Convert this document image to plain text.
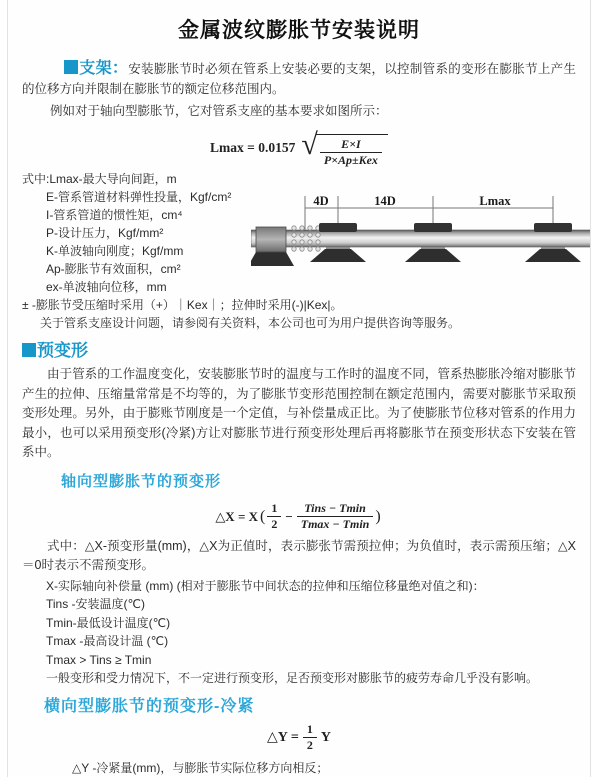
金属波纹膨胀节安装说明

支架：安装膨胀节时必须在管系上安装必要的支架，以控制管系的变形在膨胀节上产生的位移方向并限制在膨胀节的额定位移范围内。

例如对于轴向型膨胀节，它对管系支座的基本要求如图所示：

Lmax = 0.0157 √ $\frac{E\times I}{\text{P×Ap±Kex}}$
式中:Lmax-最大导向间距，m
E-管系管道材料弹性投量，Kgf/cm²
I-管系管道的惯性矩，cm⁴
P-设计压力，Kgf/mm²
K-单波轴向刚度；Kgf/mm
Ap-膨胀节有效面积，cm²
ex-单波轴向位移，mm
± -膨胀节受压缩时采用（+）｜Kex｜；拉伸时采用(-)|Kex|。
关于管系支座设计问题，请参阅有关资料，本公司也可为用户提供咨询等服务。
4D	14D	Lmax
预变形

由于管系的工作温度变化，安装膨胀节时的温度与工作时的温度不同，管系热膨胀冷缩对膨胀节产生的拉伸、压缩量常常是不均等的，为了膨胀节变形范围控制在额定范围内，需要对膨胀节采取预变形处理。另外，由于膨账节刚度是一个定值，与补偿量成正比。为了使膨胀节位移对管系的作用力最小，也可以采用预变形(冷紧)方让对膨胀节进行预变形处理后再将膨胀节在预变形状态下安装在管系中。

轴向型膨胀节的预变形
△X = X ( $\frac{1}{2} - \frac{\text{Tins − Tmin}}{Tmax - Tmin}$ )

式中：△X-预变形量(mm)，△X为正值时，表示膨张节需预拉伸；为负值时，表示需预压缩；△X＝0时表示不需预变形。

X-实际轴向补偿量 (mm) (相对于膨胀节中间状态的拉伸和压缩位移量绝对值之和)：
Tins -安装温度(℃)
Tmin-最低设计温度(℃)
Tmax -最高设计温 (℃)
Tmax > Tins ≥ Tmin
一般变形和受力情况下，不一定进行预变形，足否预变形对膨胀节的疲劳寿命几乎没有影响。
横向型膨胀节的预变形-冷紧
△Y = $\frac{1}{2}$ Y
△Y -冷紧量(mm)，与膨胀节实际位移方向相反；
